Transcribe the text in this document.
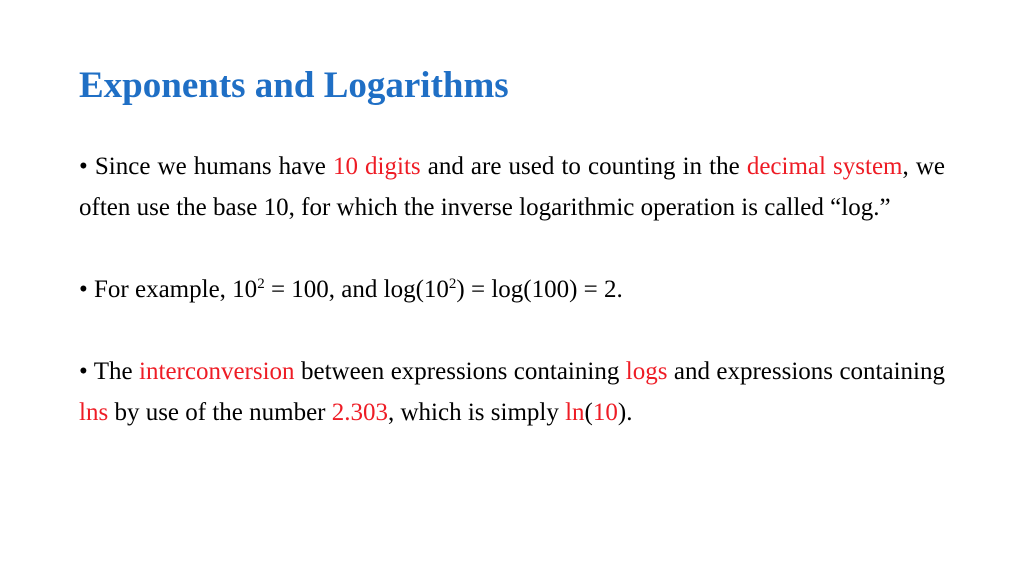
Exponents and Logarithms

• Since we humans have 10 digits and are used to counting in the decimal system, we often use the base 10, for which the inverse logarithmic operation is called “log.”

• For example, $10^2 = 100$, and $\log(10^2) = \log(100) = 2$.

• The interconversion between expressions containing logs and expressions containing lns by use of the number 2.303, which is simply ln(10).
